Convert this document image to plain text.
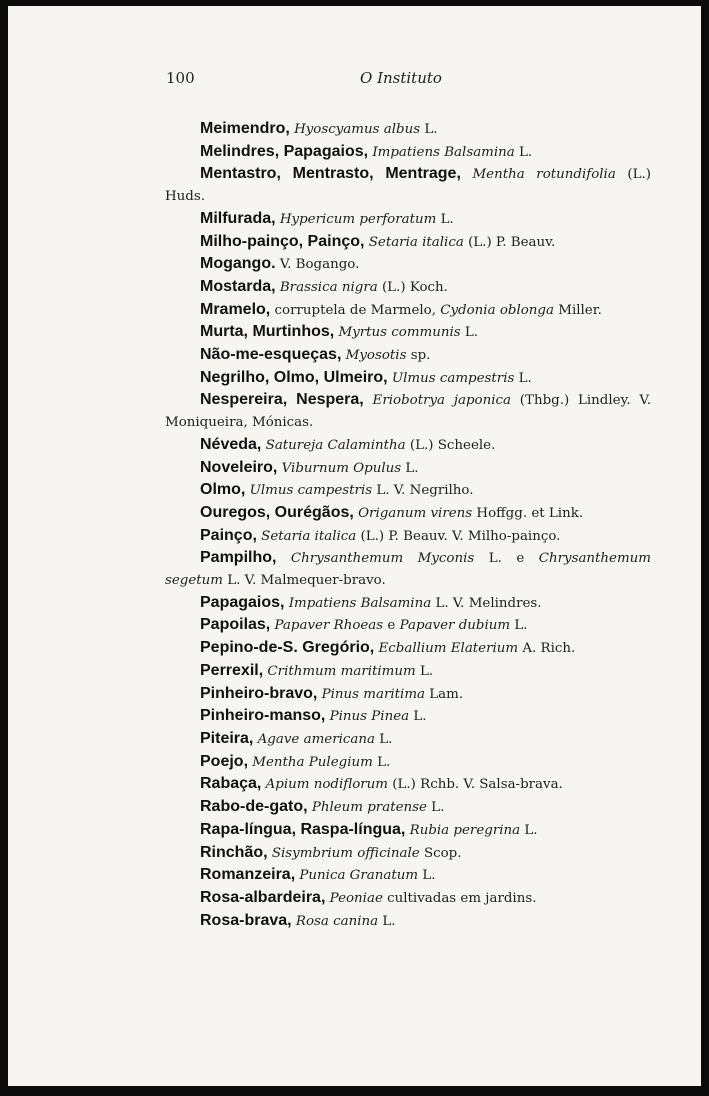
100	O Instituto

Meimendro, Hyoscyamus albus L.

Melindres, Papagaios, Impatiens Balsamina L.

Mentastro, Mentrasto, Mentrage, Mentha rotundifolia (L.) Huds.

Milfurada, Hypericum perforatum L.

Milho-painço, Painço, Setaria italica (L.) P. Beauv.

Mogango. V. Bogango.

Mostarda, Brassica nigra (L.) Koch.

Mramelo, corruptela de Marmelo, Cydonia oblonga Miller.

Murta, Murtinhos, Myrtus communis L.

Não-me-esqueças, Myosotis sp.

Negrilho, Olmo, Ulmeiro, Ulmus campestris L.

Nespereira, Nespera, Eriobotrya japonica (Thbg.) Lindley. V. Moniqueira, Mónicas.

Néveda, Satureja Calamintha (L.) Scheele.

Noveleiro, Viburnum Opulus L.

Olmo, Ulmus campestris L. V. Negrilho.

Ouregos, Ourégãos, Origanum virens Hoffgg. et Link.

Painço, Setaria italica (L.) P. Beauv. V. Milho-painço.

Pampilho, Chrysanthemum Myconis L. e Chrysanthemum segetum L. V. Malmequer-bravo.

Papagaios, Impatiens Balsamina L. V. Melindres.

Papoilas, Papaver Rhoeas e Papaver dubium L.

Pepino-de-S. Gregório, Ecballium Elaterium A. Rich.

Perrexil, Crithmum maritimum L.

Pinheiro-bravo, Pinus maritima Lam.

Pinheiro-manso, Pinus Pinea L.

Piteira, Agave americana L.

Poejo, Mentha Pulegium L.

Rabaça, Apium nodiflorum (L.) Rchb. V. Salsa-brava.

Rabo-de-gato, Phleum pratense L.

Rapa-língua, Raspa-língua, Rubia peregrina L.

Rinchão, Sisymbrium officinale Scop.

Romanzeira, Punica Granatum L.

Rosa-albardeira, Peoniae cultivadas em jardins.

Rosa-brava, Rosa canina L.
